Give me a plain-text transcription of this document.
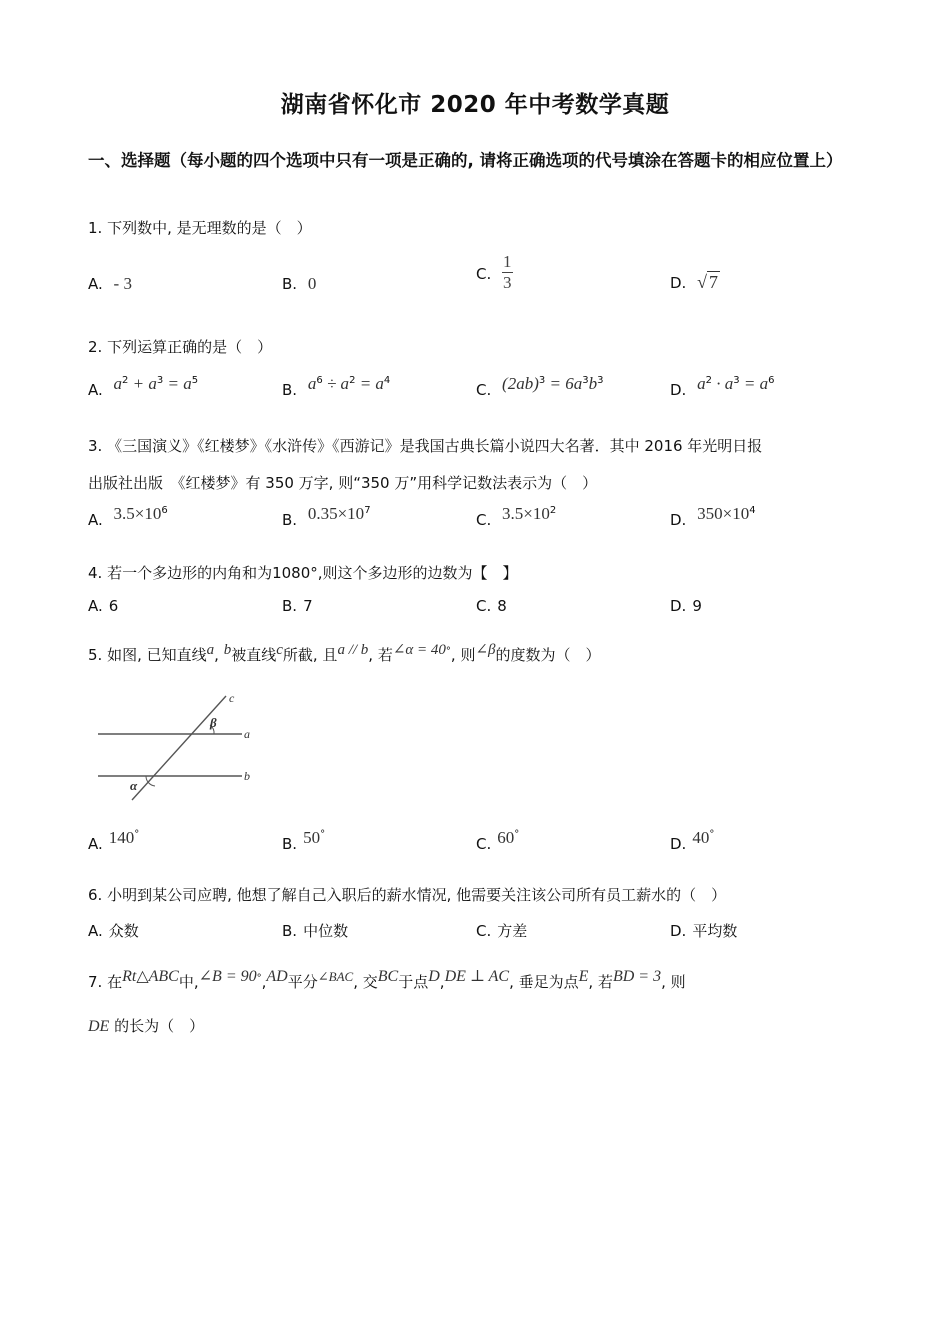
湖南省怀化市 2020 年中考数学真题
一、选择题（每小题的四个选项中只有一项是正确的, 请将正确选项的代号填涂在答题卡的相应位置上）
1. 下列数中, 是无理数的是（　）
A. - 3	B. 0	C. $\frac{1}{3}$	D. √ 7
2. 下列运算正确的是（　）
A. $a^2 + a^3 = a^5$
B. $a^6 \div a^2 = a^4$
C. $(2ab)^3 = 6a^3b^3$
D. $a^2 \cdot a^3 = a^6$
3. 《三国演义》《红楼梦》《水浒传》《西游记》是我国古典长篇小说四大名著．其中 2016 年光明日报
出版社出版　《红楼梦》有 350 万字, 则“350 万”用科学记数法表示为（　）
A. $3.5\times 10^6$
B. $0.35\times 10^7$
C. $3.5\times 10^2$
D. $350\times 10^4$
4. 若一个多边形的内角和为1080°,则这个多边形的边数为【　】
A. 6	B. 7	C. 8	D. 9
5. 如图, 已知直线$^a$, $^b$被直线$^c$所截, 且$^{a // b}$, 若$^{\angle\alpha = 40^\circ}$, 则$^{\angle\beta}$的度数为（　）
c
a
b
β
α
A. 140°
B. 50°
C. 60°
D. 40°
6. 小明到某公司应聘, 他想了解自己入职后的薪水情况, 他需要关注该公司所有员工薪水的（　）
A. 众数	B. 中位数	C. 方差	D. 平均数
7. 在$^{Rt\triangle ABC}$中,$^{\angle B = 90^\circ}$,$^{AD}$平分$^{\angle BAC}$, 交$^{BC}$于点$^D$,$^{DE \perp AC}$, 垂足为点$^E$, 若$^{BD = 3}$, 则
DE 的长为（　）
